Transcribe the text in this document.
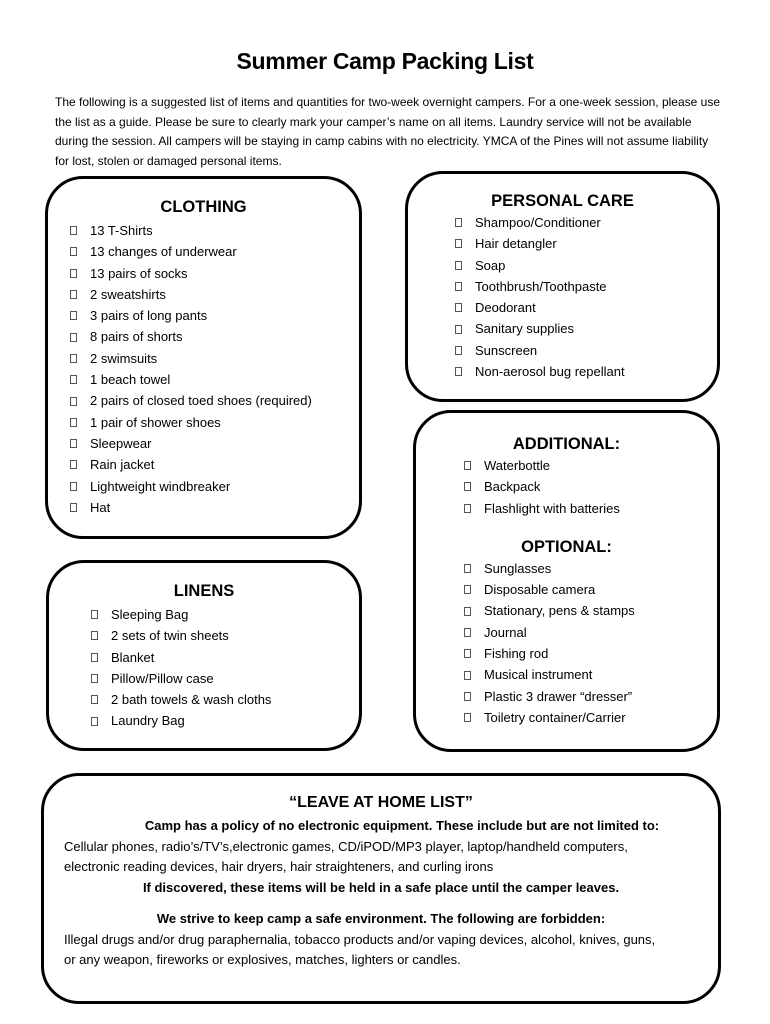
Summer Camp Packing List
The following is a suggested list of items and quantities for two-week overnight campers. For a one-week session, please use the list as a guide. Please be sure to clearly mark your camper’s name on all items. Laundry service will not be available during the session. All campers will be staying in camp cabins with no electricity. YMCA of the Pines will not assume liability for lost, stolen or damaged personal items.
CLOTHING
13 T-Shirts
13 changes of underwear
13 pairs of socks
2 sweatshirts
3 pairs of long pants
8 pairs of shorts
2 swimsuits
1 beach towel
2 pairs of closed toed shoes (required)
1 pair of shower shoes
Sleepwear
Rain jacket
Lightweight windbreaker
Hat
PERSONAL CARE
Shampoo/Conditioner
Hair detangler
Soap
Toothbrush/Toothpaste
Deodorant
Sanitary supplies
Sunscreen
Non-aerosol bug repellant
ADDITIONAL:
Waterbottle
Backpack
Flashlight with batteries
OPTIONAL:
Sunglasses
Disposable camera
Stationary, pens & stamps
Journal
Fishing rod
Musical instrument
Plastic 3 drawer “dresser”
Toiletry container/Carrier
LINENS
Sleeping Bag
2 sets of twin sheets
Blanket
Pillow/Pillow case
2 bath towels & wash cloths
Laundry Bag
“LEAVE AT HOME LIST”
Camp has a policy of no electronic equipment. These include but are not limited to:
Cellular phones, radio’s/TV’s,electronic games, CD/iPOD/MP3 player, laptop/handheld computers,
electronic reading devices, hair dryers, hair straighteners, and curling irons
If discovered, these items will be held in a safe place until the camper leaves.
We strive to keep camp a safe environment. The following are forbidden:
Illegal drugs and/or drug paraphernalia, tobacco products and/or vaping devices, alcohol, knives, guns,
or any weapon, fireworks or explosives, matches, lighters or candles.
